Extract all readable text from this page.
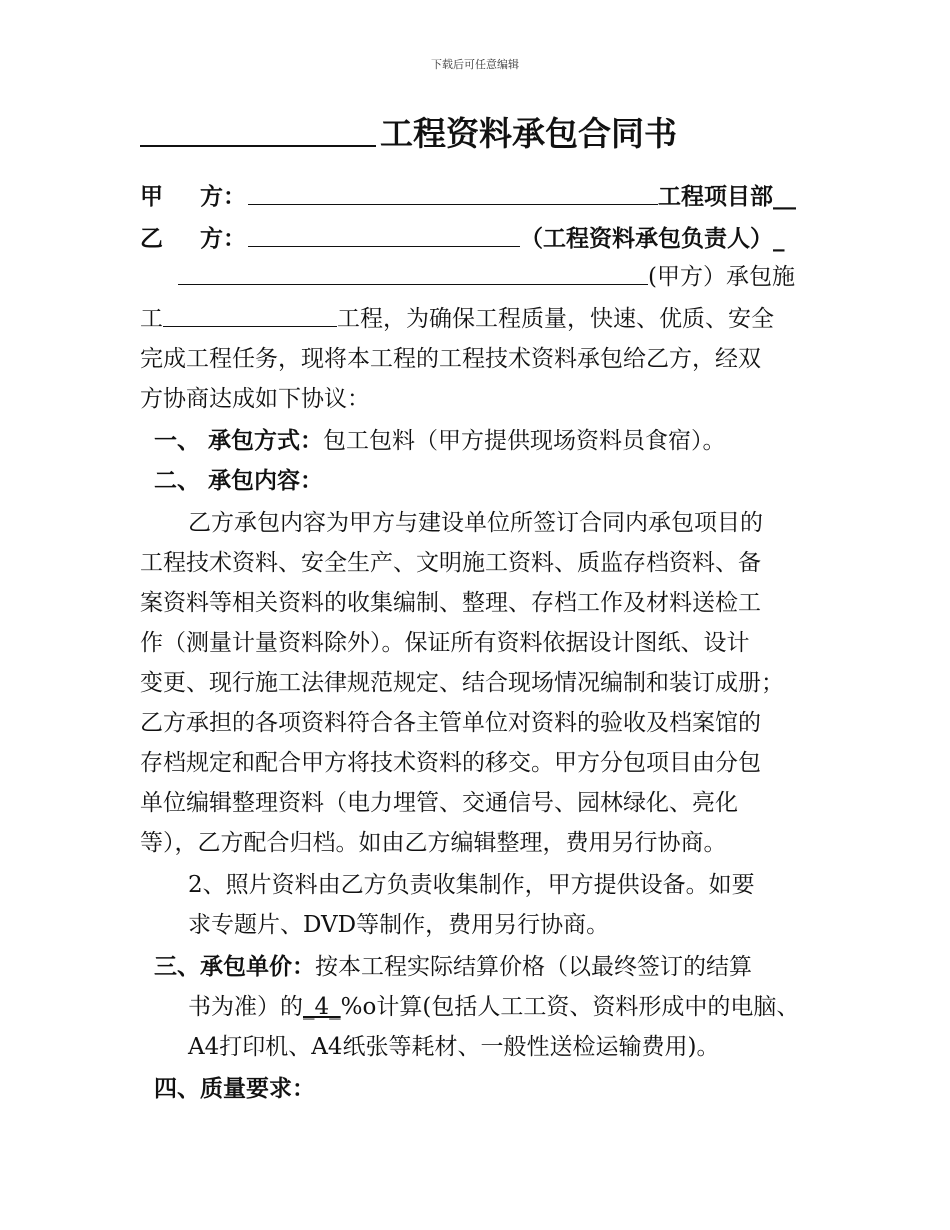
下载后可任意编辑
工程资料承包合同书
甲 方：	工程项目部__
乙 方：	（工程资料承包负责人）_
(甲方）承包施
工	工程，为确保工程质量，快速、优质、安全
完成工程任务，现将本工程的工程技术资料承包给乙方，经双
方协商达成如下协议：
一、 承包方式：包工包料（甲方提供现场资料员食宿）。
二、 承包内容：
乙方承包内容为甲方与建设单位所签订合同内承包项目的
工程技术资料、安全生产、文明施工资料、质监存档资料、备
案资料等相关资料的收集编制、整理、存档工作及材料送检工
作（测量计量资料除外）。保证所有资料依据设计图纸、设计
变更、现行施工法律规范规定、结合现场情况编制和装订成册；
乙方承担的各项资料符合各主管单位对资料的验收及档案馆的
存档规定和配合甲方将技术资料的移交。甲方分包项目由分包
单位编辑整理资料（电力埋管、交通信号、园林绿化、亮化
等），乙方配合归档。如由乙方编辑整理，费用另行协商。
2、照片资料由乙方负责收集制作，甲方提供设备。如要
求专题片、DVD等制作，费用另行协商。
三、承包单价：按本工程实际结算价格（以最终签订的结算
书为准）的_4_%o计算(包括人工工资、资料形成中的电脑、
A4打印机、A4纸张等耗材、一般性送检运输费用)。
四、质量要求：
